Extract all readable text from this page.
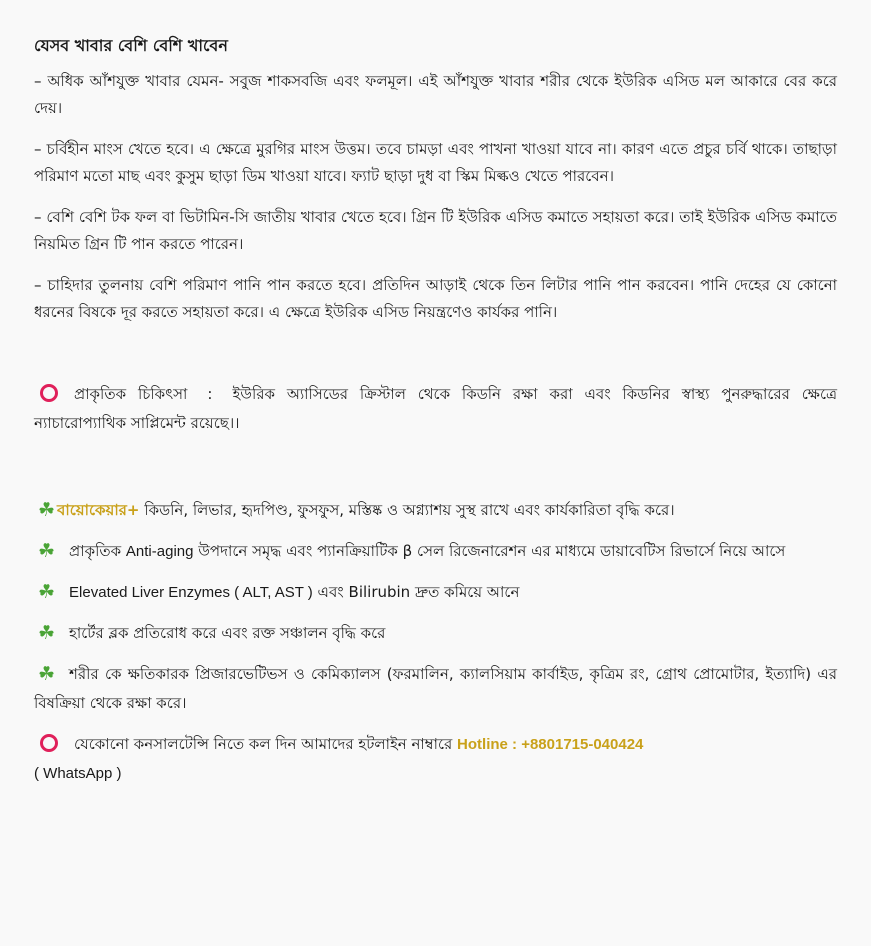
যেসব খাবার বেশি বেশি খাবেন

– অধিক আঁশযুক্ত খাবার যেমন- সবুজ শাকসবজি এবং ফলমূল। এই আঁশযুক্ত খাবার শরীর থেকে ইউরিক এসিড মল আকারে বের করে দেয়।

– চর্বিহীন মাংস খেতে হবে। এ ক্ষেত্রে মুরগির মাংস উত্তম। তবে চামড়া এবং পাখনা খাওয়া যাবে না। কারণ এতে প্রচুর চর্বি থাকে। তাছাড়া পরিমাণ মতো মাছ এবং কুসুম ছাড়া ডিম খাওয়া যাবে। ফ্যাট ছাড়া দুধ বা স্কিম মিল্কও খেতে পারবেন।

– বেশি বেশি টক ফল বা ভিটামিন-সি জাতীয় খাবার খেতে হবে। গ্রিন টি ইউরিক এসিড কমাতে সহায়তা করে। তাই ইউরিক এসিড কমাতে নিয়মিত গ্রিন টি পান করতে পারেন।

– চাহিদার তুলনায় বেশি পরিমাণ পানি পান করতে হবে। প্রতিদিন আড়াই থেকে তিন লিটার পানি পান করবেন। পানি দেহের যে কোনো ধরনের বিষকে দূর করতে সহায়তা করে। এ ক্ষেত্রে ইউরিক এসিড নিয়ন্ত্রণেও কার্যকর পানি।

প্রাকৃতিক চিকিৎসা : ইউরিক অ্যাসিডের ক্রিস্টাল থেকে কিডনি রক্ষা করা এবং কিডনির স্বাস্থ্য পুনরুদ্ধারের ক্ষেত্রে ন্যাচারোপ্যাথিক সাপ্লিমেন্ট রয়েছে।।

☘ বায়োকেয়ার+ কিডনি, লিভার, হৃদপিণ্ড, ফুসফুস, মস্তিষ্ক ও অগ্ন্যাশয় সুস্থ রাখে এবং কার্যকারিতা বৃদ্ধি করে।

☘ প্রাকৃতিক Anti-aging উপদানে সমৃদ্ধ এবং প্যানক্রিয়াটিক β সেল রিজেনারেশন এর মাধ্যমে ডায়াবেটিস রিভার্সে নিয়ে আসে

☘ Elevated Liver Enzymes ( ALT, AST ) এবং Bilirubin দ্রুত কমিয়ে আনে

☘ হার্টের ব্লক প্রতিরোধ করে এবং রক্ত সঞ্চালন বৃদ্ধি করে

☘ শরীর কে ক্ষতিকারক প্রিজারভেটিভস ও কেমিক্যালস (ফরমালিন, ক্যালসিয়াম কার্বাইড, কৃত্রিম রং, গ্রোথ প্রোমোটার, ইত্যাদি) এর বিষক্রিয়া থেকে রক্ষা করে।

যেকোনো কনসালটেন্সি নিতে কল দিন আমাদের হটলাইন নাম্বারে Hotline : +8801715-040424
( WhatsApp )
